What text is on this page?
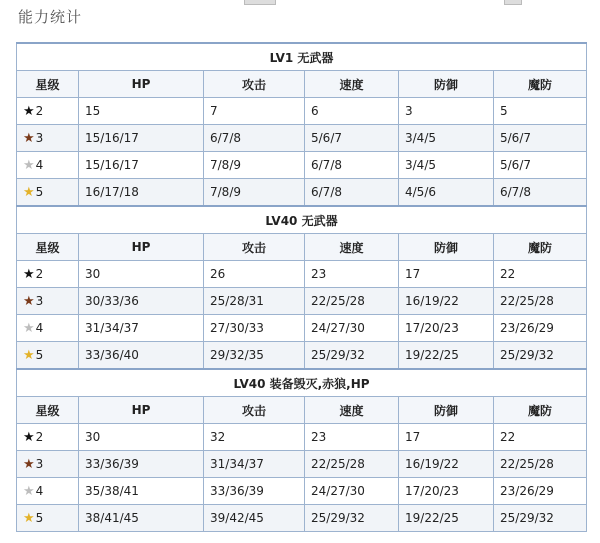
能力统计
LV1 无武器					
星级	HP	攻击	速度	防御	魔防
★2	15	7	6	3	5
★3	15/16/17	6/7/8	5/6/7	3/4/5	5/6/7
★4	15/16/17	7/8/9	6/7/8	3/4/5	5/6/7
★5	16/17/18	7/8/9	6/7/8	4/5/6	6/7/8
LV40 无武器					
星级	HP	攻击	速度	防御	魔防
★2	30	26	23	17	22
★3	30/33/36	25/28/31	22/25/28	16/19/22	22/25/28
★4	31/34/37	27/30/33	24/27/30	17/20/23	23/26/29
★5	33/36/40	29/32/35	25/29/32	19/22/25	25/29/32
LV40 装备毁灭,赤狼,HP					
星级	HP	攻击	速度	防御	魔防
★2	30	32	23	17	22
★3	33/36/39	31/34/37	22/25/28	16/19/22	22/25/28
★4	35/38/41	33/36/39	24/27/30	17/20/23	23/26/29
★5	38/41/45	39/42/45	25/29/32	19/22/25	25/29/32
